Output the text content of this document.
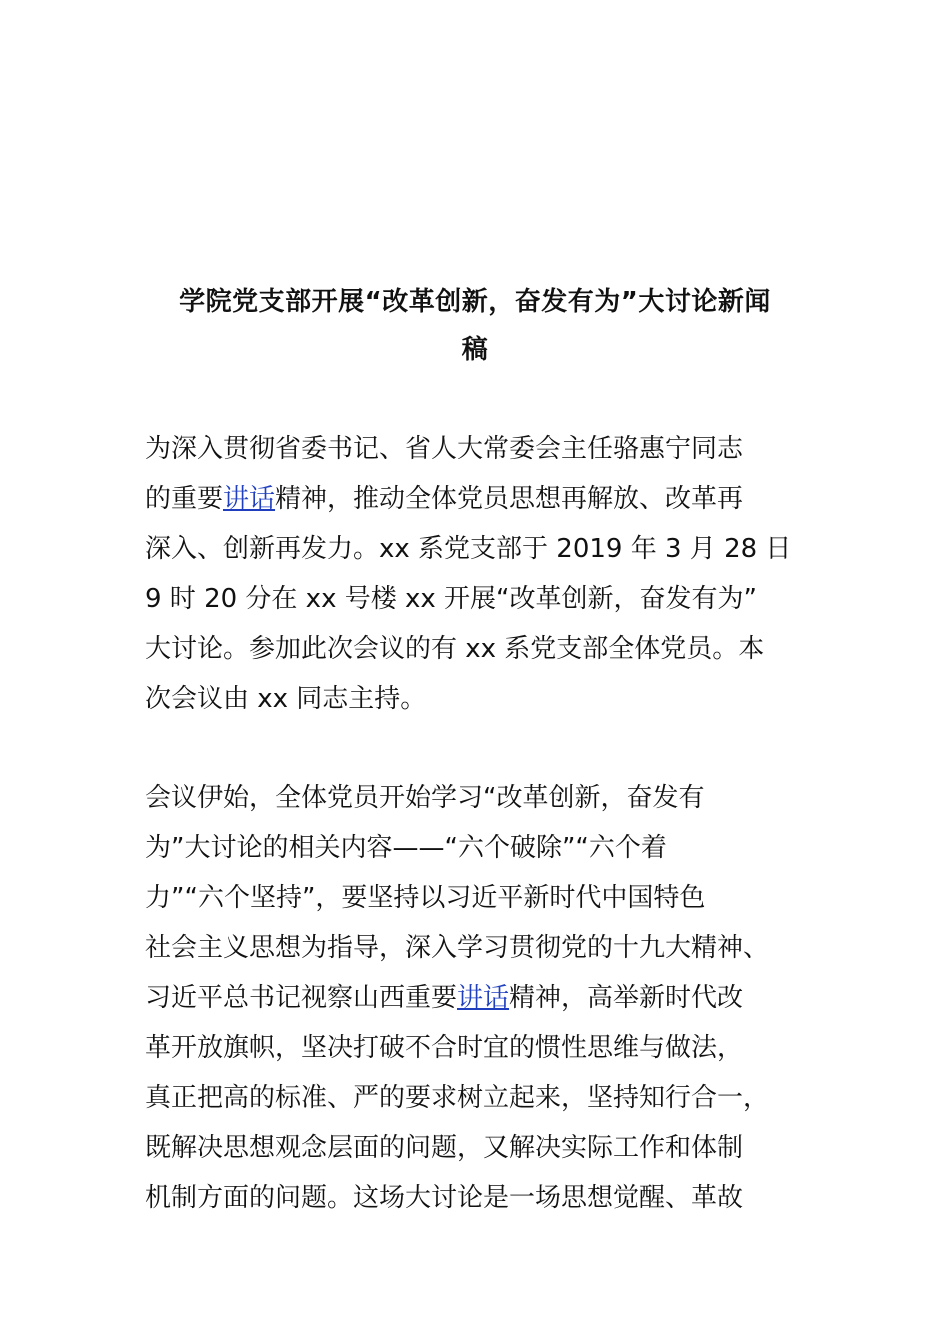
学院党支部开展“改革创新，奋发有为”大讨论新闻
稿

为深入贯彻省委书记、省人大常委会主任骆惠宁同志
的重要讲话精神，推动全体党员思想再解放、改革再
深入、创新再发力。xx 系党支部于 2019 年 3 月 28 日
9 时 20 分在 xx 号楼 xx 开展“改革创新，奋发有为”
大讨论。参加此次会议的有 xx 系党支部全体党员。本
次会议由 xx 同志主持。

会议伊始，全体党员开始学习“改革创新，奋发有
为”大讨论的相关内容——“六个破除”“六个着
力”“六个坚持”，要坚持以习近平新时代中国特色
社会主义思想为指导，深入学习贯彻党的十九大精神、
习近平总书记视察山西重要讲话精神，高举新时代改
革开放旗帜，坚决打破不合时宜的惯性思维与做法，
真正把高的标准、严的要求树立起来，坚持知行合一，
既解决思想观念层面的问题，又解决实际工作和体制
机制方面的问题。这场大讨论是一场思想觉醒、革故
